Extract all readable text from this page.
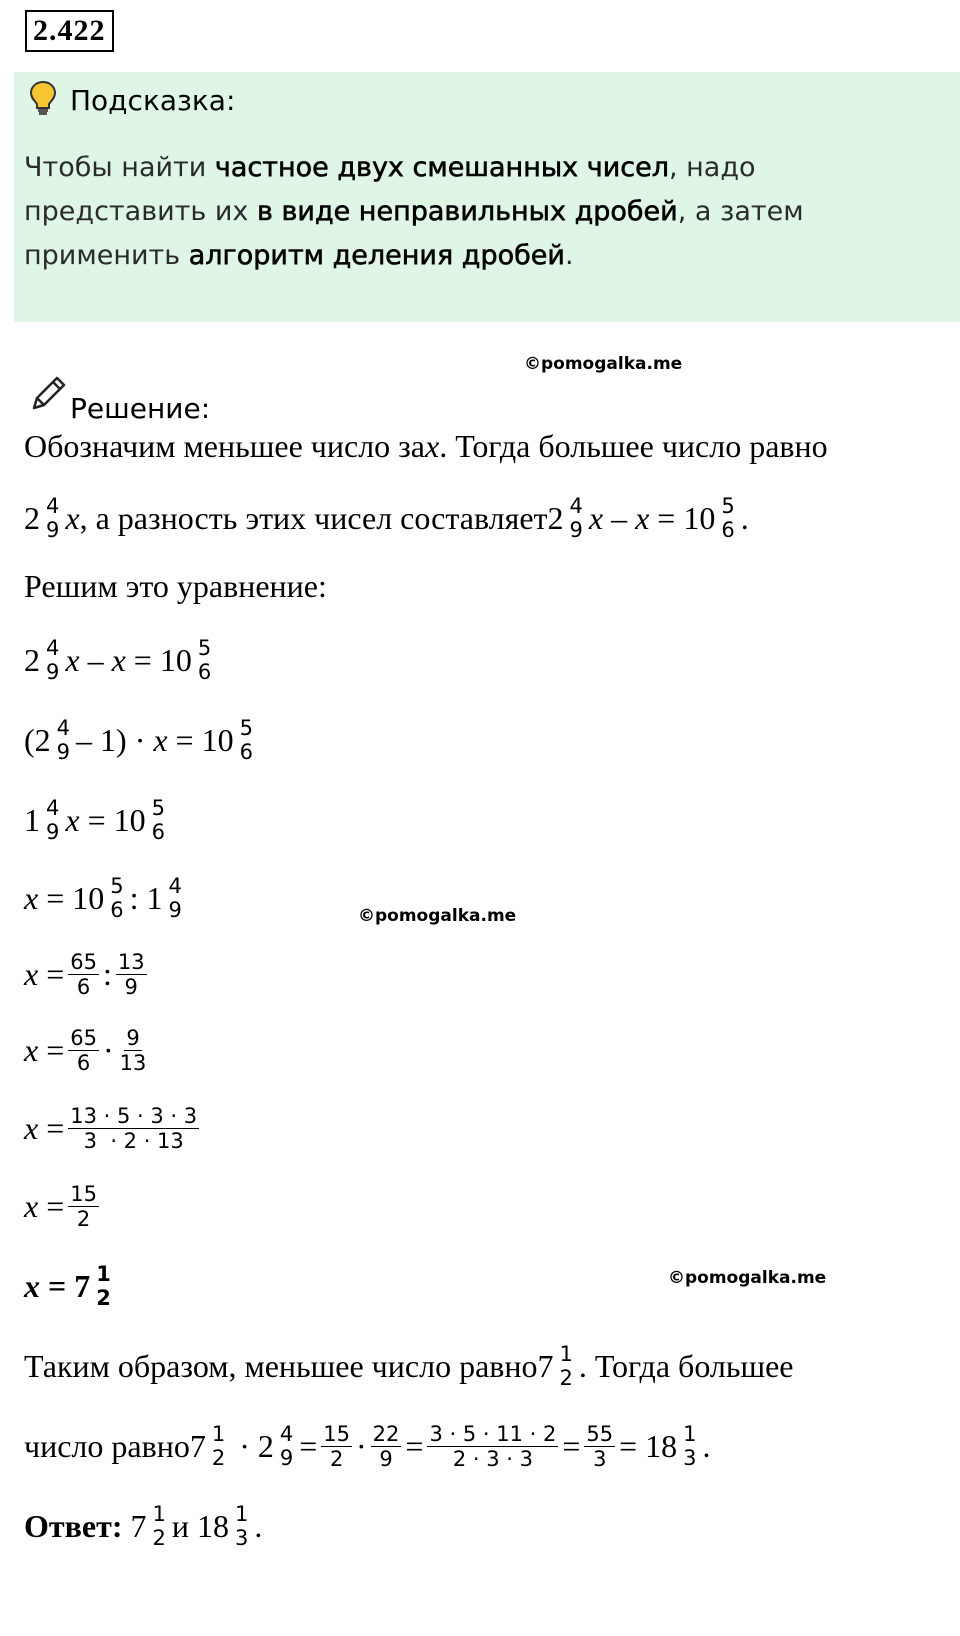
2.422
Подсказка:
Чтобы найти частное двух смешанных чисел, надо представить их в виде неправильных дробей, а затем применить алгоритм деления дробей.
©pomogalka.me
©pomogalka.me
©pomogalka.me
Решение:
Обозначим меньшее число за x . Тогда большее число равно
2 4
9 x , а разность этих чисел составляет 2 4
9 x – x = 10 5
6 .
Решим это уравнение:
2 4
9 x – x = 10 5
6
(2 4
9 – 1) · x = 10 5
6
1 4
9 x = 10 5
6
x = 10 5
6 : 1 4
9
$x = \frac{65}{6}$ : $\frac{13}{9}$
$x = \frac{65}{6} \cdot \frac{9}{13}$
$x = \frac{13 \cdot 5 \cdot 3 \cdot 3}{3 \cdot 2 \cdot 13}$
$x = \frac{15}{2}$
x = 7 1
2
Таким образом, меньшее число равно 7 1
2 . Тогда большее
число равно 7 1
2 · 2 4
$9 = \frac{15}{2} \cdot \frac{22}{9} = \frac{3 \cdot 5 \cdot 11 \cdot 2}{2 \cdot 3 \cdot 3} = \frac{55}{3} = 18$ 1
3 .
Ответ: 7 1
2 и 18 1
3 .
